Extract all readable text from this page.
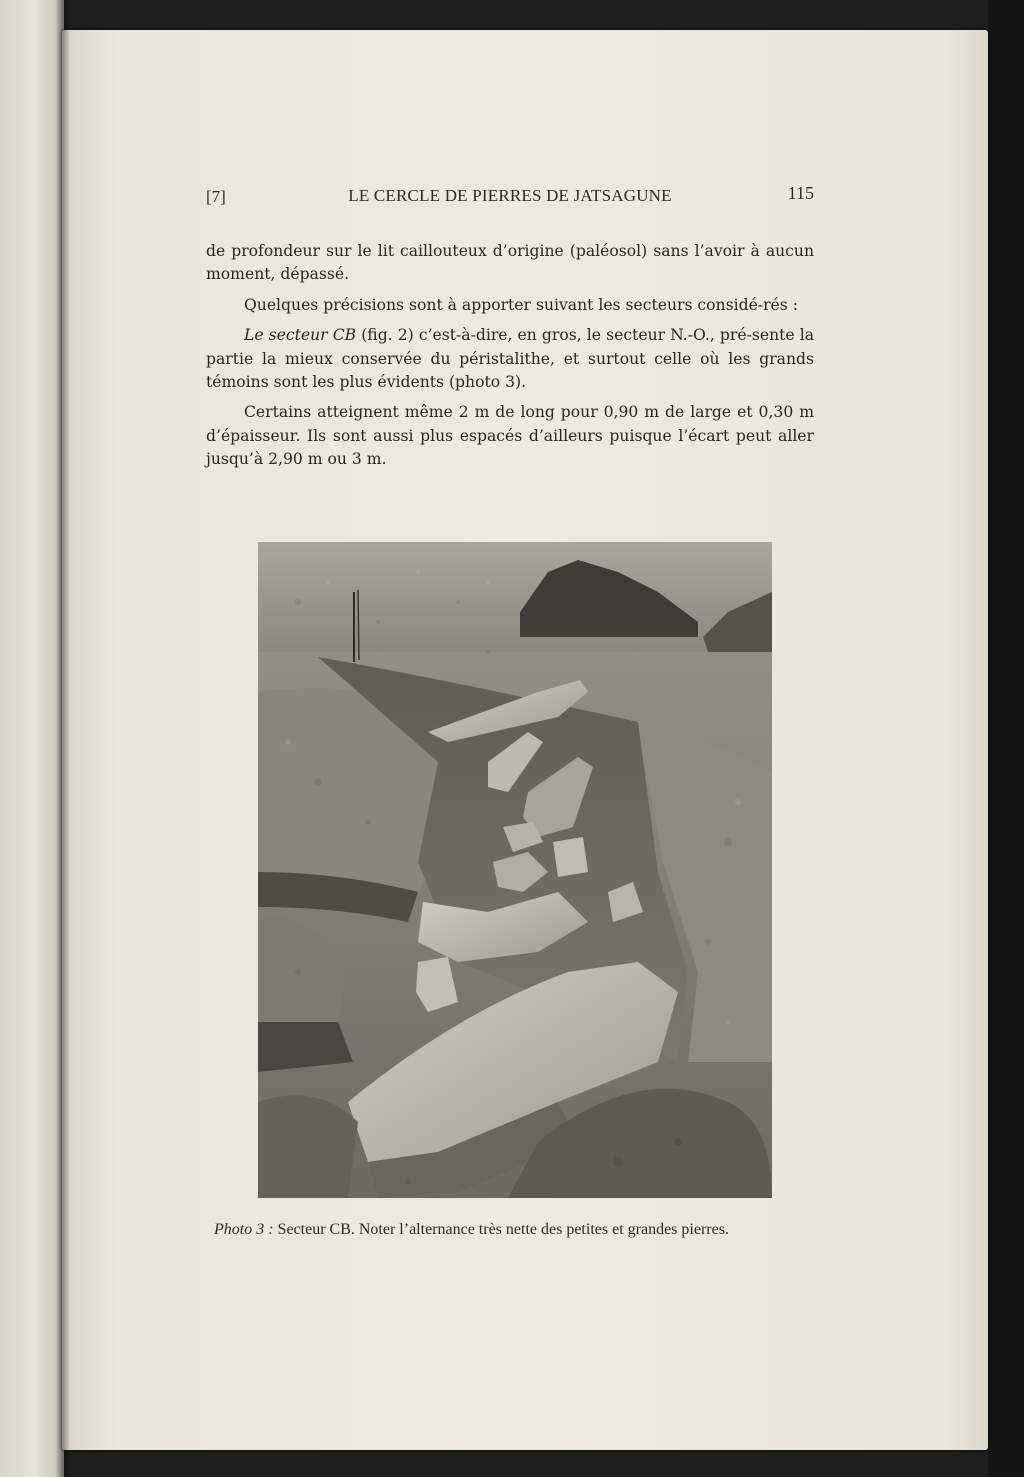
[7]	LE CERCLE DE PIERRES DE JATSAGUNE	115

de profondeur sur le lit caillouteux d’origine (paléosol) sans l’avoir à aucun moment, dépassé.

Quelques précisions sont à apporter suivant les secteurs considé-rés :

Le secteur CB (fig. 2) c’est-à-dire, en gros, le secteur N.-O., pré-sente la partie la mieux conservée du péristalithe, et surtout celle où les grands témoins sont les plus évidents (photo 3).

Certains atteignent même 2 m de long pour 0,90 m de large et 0,30 m d’épaisseur. Ils sont aussi plus espacés d’ailleurs puisque l’écart peut aller jusqu’à 2,90 m ou 3 m.

Photo 3 : Secteur CB. Noter l’alternance très nette des petites et grandes pierres.
